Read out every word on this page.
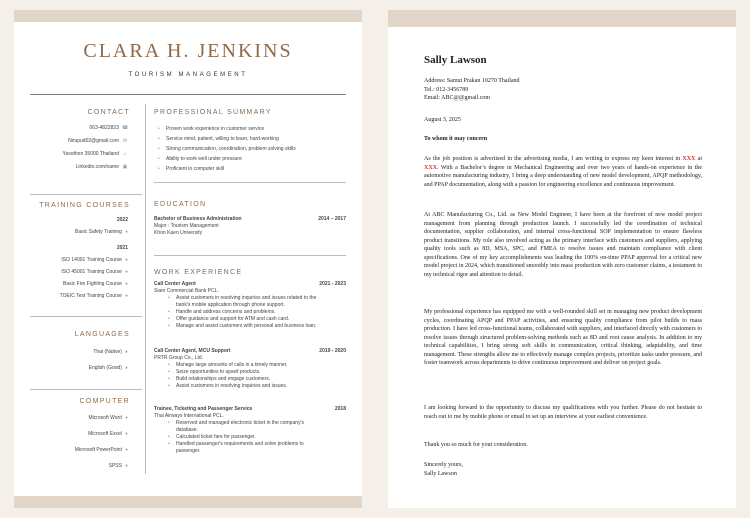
CLARA H. JENKINS
TOURISM MANAGEMENT
CONTACT
063-4822823 ☎
Nirupud02@gmail.com ✉
Yasothon 35000 Thailand ⌂
Linkedin.com/name ▣
TRAINING COURSES
2022
Basic Safety Training ●
2021
ISO 14001 Training Course ●
ISO 45001 Training Course ●
Basic Fire Fighting Course ●
TOEIC Test Training Course ●
LANGUAGES
Thai (Native) ●
English (Good) ●
COMPUTER
Microsoft Word ●
Microsoft Excel ●
Microsoft PowerPoint ●
SPSS ●
PROFESSIONAL SUMMARY
• Proven work experience in customer service
• Service mind, patient, willing to learn, hard-working
• Strong communication, coordination, problem solving skills
• Ability to work well under pressure
• Proficient in computer skill
EDUCATION
Bachelor of Business Administration	2014 – 2017
Major : Tourism Management
Khon Kaen University
WORK EXPERIENCE
Call Center Agent	2021 - 2023
Siam Commercial Bank PCL.
• Assist customers in resolving inquiries and issues related to the
bank's mobile application through phone support.
• Handle and address concerns and problems.
• Offer guidance and support for ATM and cash card.
• Manage and assist customers with personal and business loan.
Call Center Agent, MCU Support	2019 - 2020
PRTR Group Co., Ltd.
• Manage large amounts of calls in a timely manner.
• Seize opportunities to upsell products.
• Build relationships and engage customers.
• Assist customers in resolving inquiries and issues.
Trainee, Ticketing and Passenger Service	2018
Thai Airways International PCL.
• Reserved and managed electronic ticket in the company's
database.
• Calculated ticket fare for passenger.
• Handled passenger's requirements and solve problems to
passenger.
Sally Lawson
Address: Samut Prakan 10270 Thailand
Tel.: 012-3456789
Email: ABC@@gmail.com
August 3, 2025
To whom it may concern
As the job position is advertised in the advertising media, I am writing to express my keen interest in XXX at XXX. With a Bachelor’s degree in Mechanical Engineering and over two years of hands-on experience in the automotive manufacturing industry, I bring a deep understanding of new model development, APQP methodology, and PPAP documentation, along with a passion for engineering excellence and continuous improvement.
At ABC Manufacturing Co., Ltd. as New Model Engineer, I have been at the forefront of new model project management from planning through production launch. I successfully led the coordination of technical documentation, supplier collaboration, and internal cross-functional SOP implementation to ensure flawless product transitions. My role also involved acting as the primary interface with customers and suppliers, applying quality tools such as 8D, MSA, SPC, and FMEA to resolve issues and maintain compliance with client specifications. One of my key accomplishments was leading the 100% on-time PPAP approval for a critical new model project in 2024, which transitioned smoothly into mass production with zero customer claims, a testament to my technical rigor and attention to detail.
My professional experience has equipped me with a well-rounded skill set in managing new product development cycles, coordinating APQP and PPAP activities, and ensuring quality compliance from pilot builds to mass production. I have led cross-functional teams, collaborated with suppliers, and interfaced directly with customers to resolve issues through structured problem-solving methods such as 8D and root cause analysis. In addition to my technical capabilities, I bring strong soft skills in communication, critical thinking, adaptability, and time management. These strengths allow me to effectively manage complex projects, prioritize tasks under pressure, and foster teamwork across departments to drive continuous improvement and deliver on project goals.
I am looking forward to the opportunity to discuss my qualifications with you further. Please do not hesitate to reach out to me by mobile phone or email to set up an interview at your earliest convenience.
Thank you so much for your consideration.
Sincerely yours,
Sally Lawson
